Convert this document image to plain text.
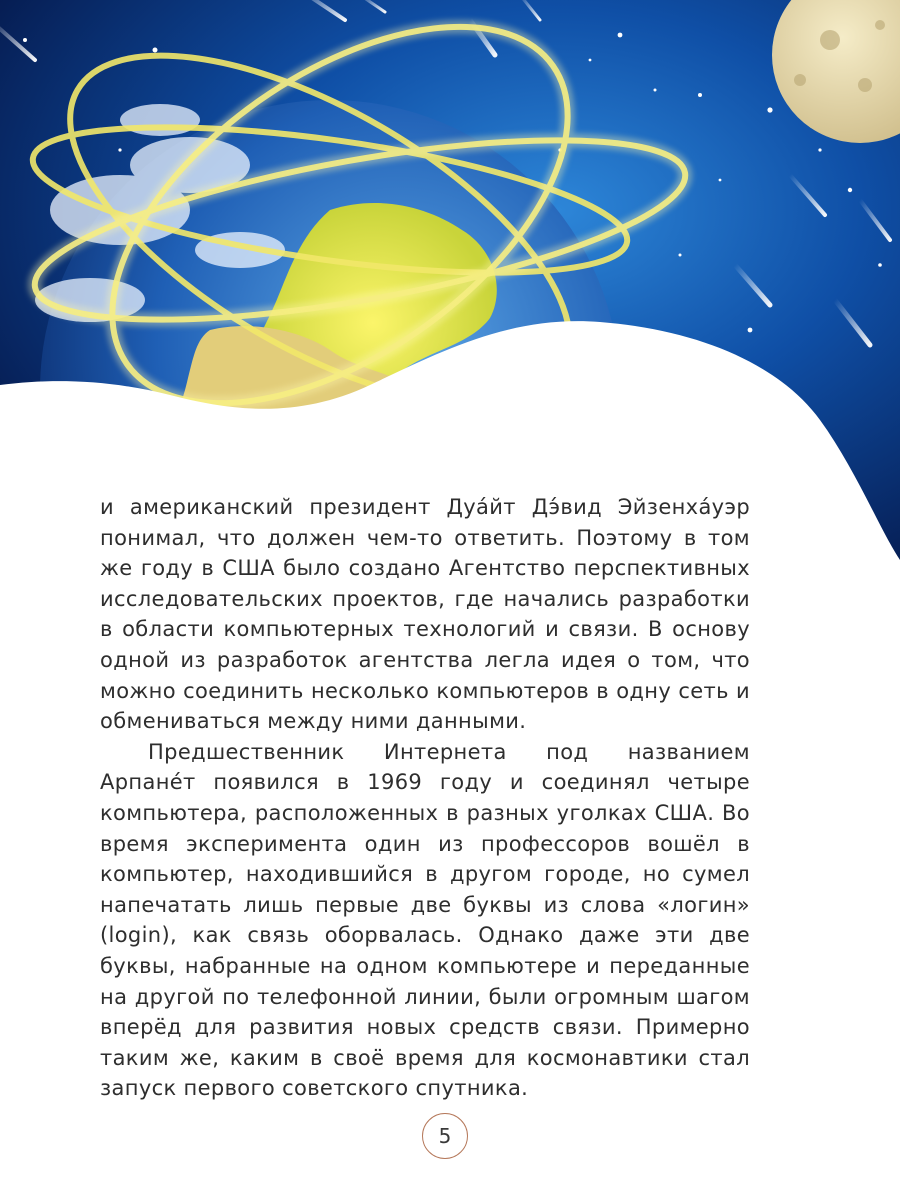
и американский президент Дуа́йт Дэ́вид Эйзенха́уэр понимал, что должен чем-то ответить. Поэтому в том же году в США было создано Агентство перспективных исследовательских проектов, где начались разработки в области компьютерных технологий и связи. В основу одной из разработок агентства легла идея о том, что можно соединить несколько компьютеров в одну сеть и обмениваться между ними данными.

Предшественник Интернета под названием Арпане́т появился в 1969 году и соединял четыре компьютера, расположенных в разных уголках США. Во время эксперимента один из профессоров вошёл в компьютер, находившийся в другом городе, но сумел напечатать лишь первые две буквы из слова «логин» (login), как связь оборвалась. Однако даже эти две буквы, набранные на одном компьютере и переданные на другой по телефонной линии, были огромным шагом вперёд для развития новых средств связи. Примерно таким же, каким в своё время для космонавтики стал запуск первого советского спутника.

5
